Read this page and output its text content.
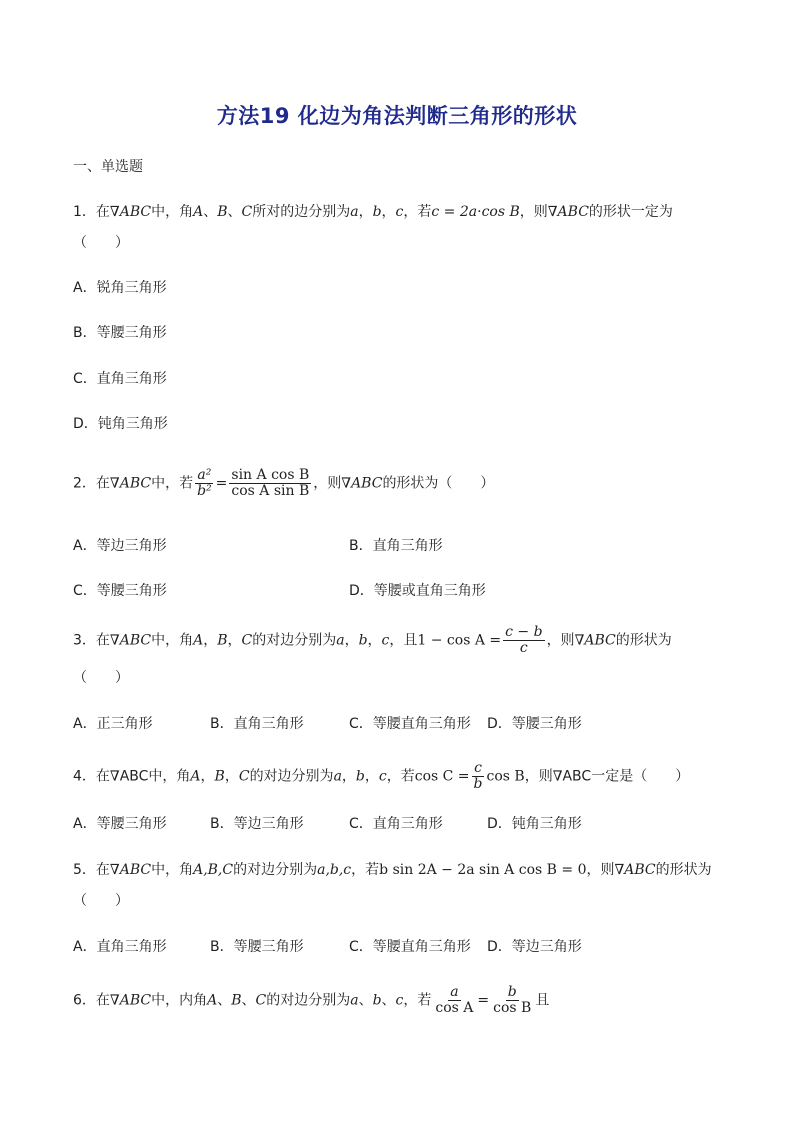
方法19 化边为角法判断三角形的形状
一、单选题
1．在∇ABC中，角A、B、C所对的边分别为a，b，c，若c = 2a·cos B，则∇ABC的形状一定为
（　　）
A．锐角三角形
B．等腰三角形
C．直角三角形
D．钝角三角形
2．在∇ABC中，若 $\frac{\text{a²}}{\text{b²}} = \frac{\text{sin A cos B}}{\text{cos A sin B}}$ ，则∇ABC的形状为（　　）
A．等边三角形	B．直角三角形
C．等腰三角形	D．等腰或直角三角形
3．在∇ABC中，角A，B，C的对边分别为a，b，c，且$1 - \cos A = \frac{c - b}{c}$ ，则∇ABC的形状为
（　　）
A．正三角形	B．直角三角形	C．等腰直角三角形 D．等腰三角形
4．在∇ABC中，角A，B，C的对边分别为a，b，c，若$\cos C = \frac{c}{b}$ cos B，则∇ABC一定是（　　）
A．等腰三角形	B．等边三角形	C．直角三角形	D．钝角三角形
5．在∇ABC中，角A,B,C的对边分别为a,b,c，若b sin 2A − 2a sin A cos B = 0，则∇ABC的形状为
（　　）
A．直角三角形	B．等腰三角形	C．等腰直角三角形 D．等边三角形
6．在∇ABC中，内角A、B、C的对边分别为a、b、c，若 $\frac{a}{\text{cos A}} = \frac{b}{\text{cos B}}$ 且
